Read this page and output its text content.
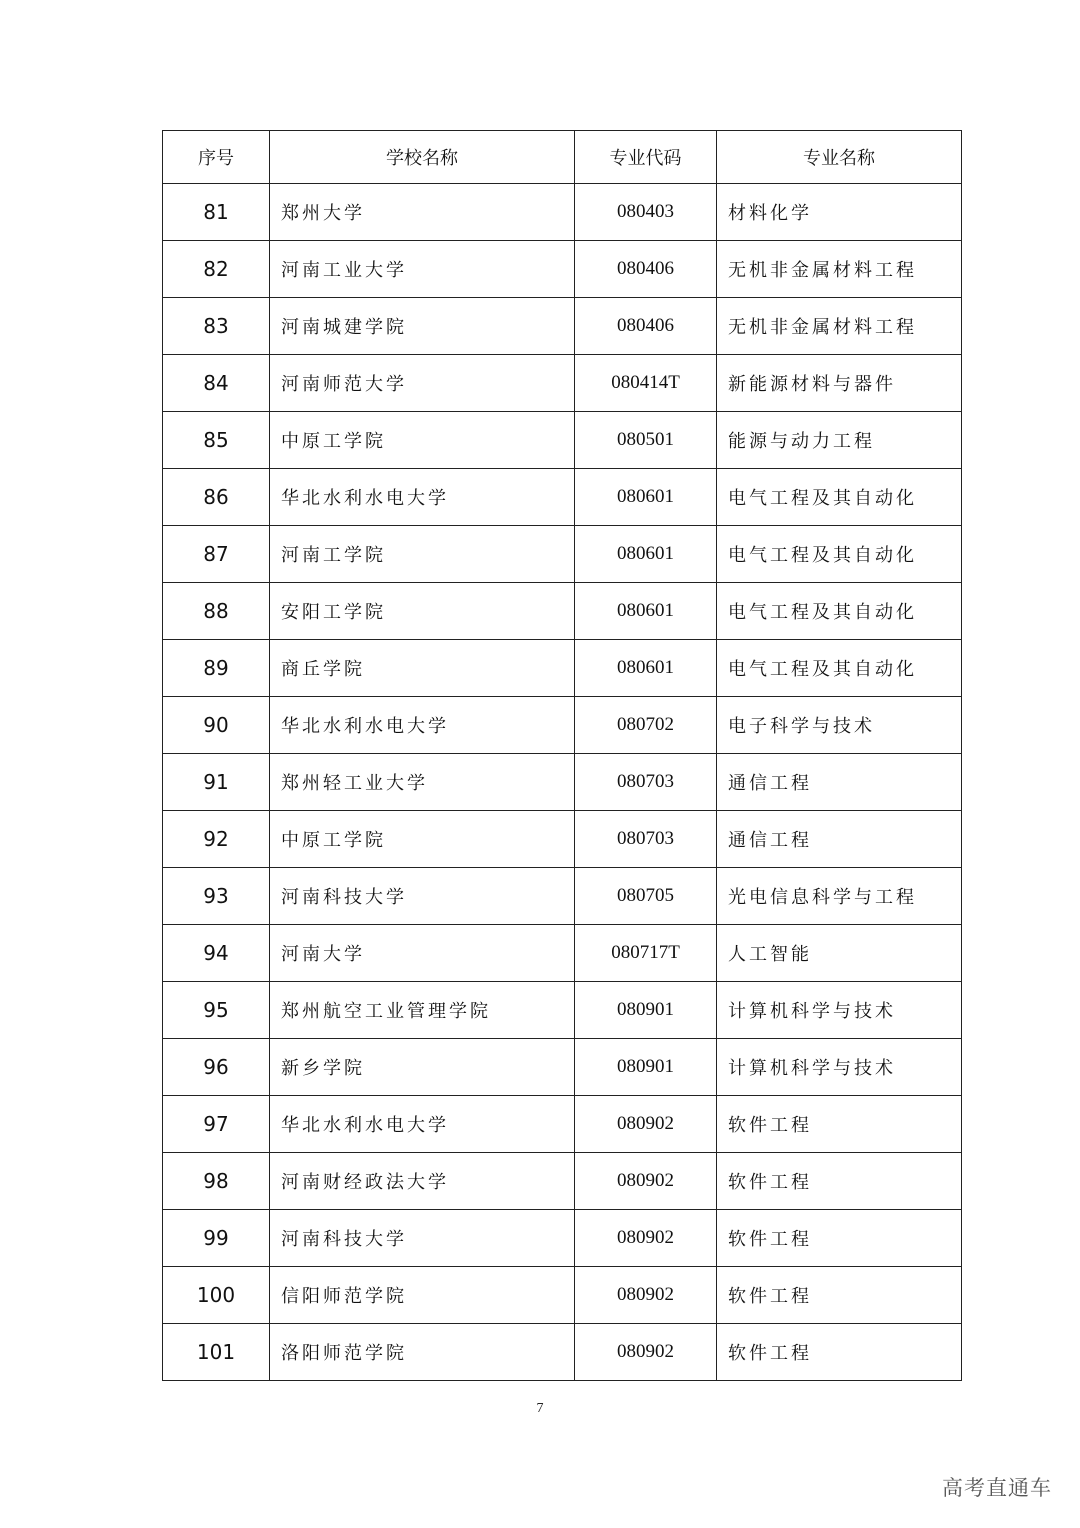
序号	学校名称	专业代码	专业名称
81	郑州大学	080403	材料化学
82	河南工业大学	080406	无机非金属材料工程
83	河南城建学院	080406	无机非金属材料工程
84	河南师范大学	080414T	新能源材料与器件
85	中原工学院	080501	能源与动力工程
86	华北水利水电大学	080601	电气工程及其自动化
87	河南工学院	080601	电气工程及其自动化
88	安阳工学院	080601	电气工程及其自动化
89	商丘学院	080601	电气工程及其自动化
90	华北水利水电大学	080702	电子科学与技术
91	郑州轻工业大学	080703	通信工程
92	中原工学院	080703	通信工程
93	河南科技大学	080705	光电信息科学与工程
94	河南大学	080717T	人工智能
95	郑州航空工业管理学院	080901	计算机科学与技术
96	新乡学院	080901	计算机科学与技术
97	华北水利水电大学	080902	软件工程
98	河南财经政法大学	080902	软件工程
99	河南科技大学	080902	软件工程
100	信阳师范学院	080902	软件工程
101	洛阳师范学院	080902	软件工程
7
高考直通车
